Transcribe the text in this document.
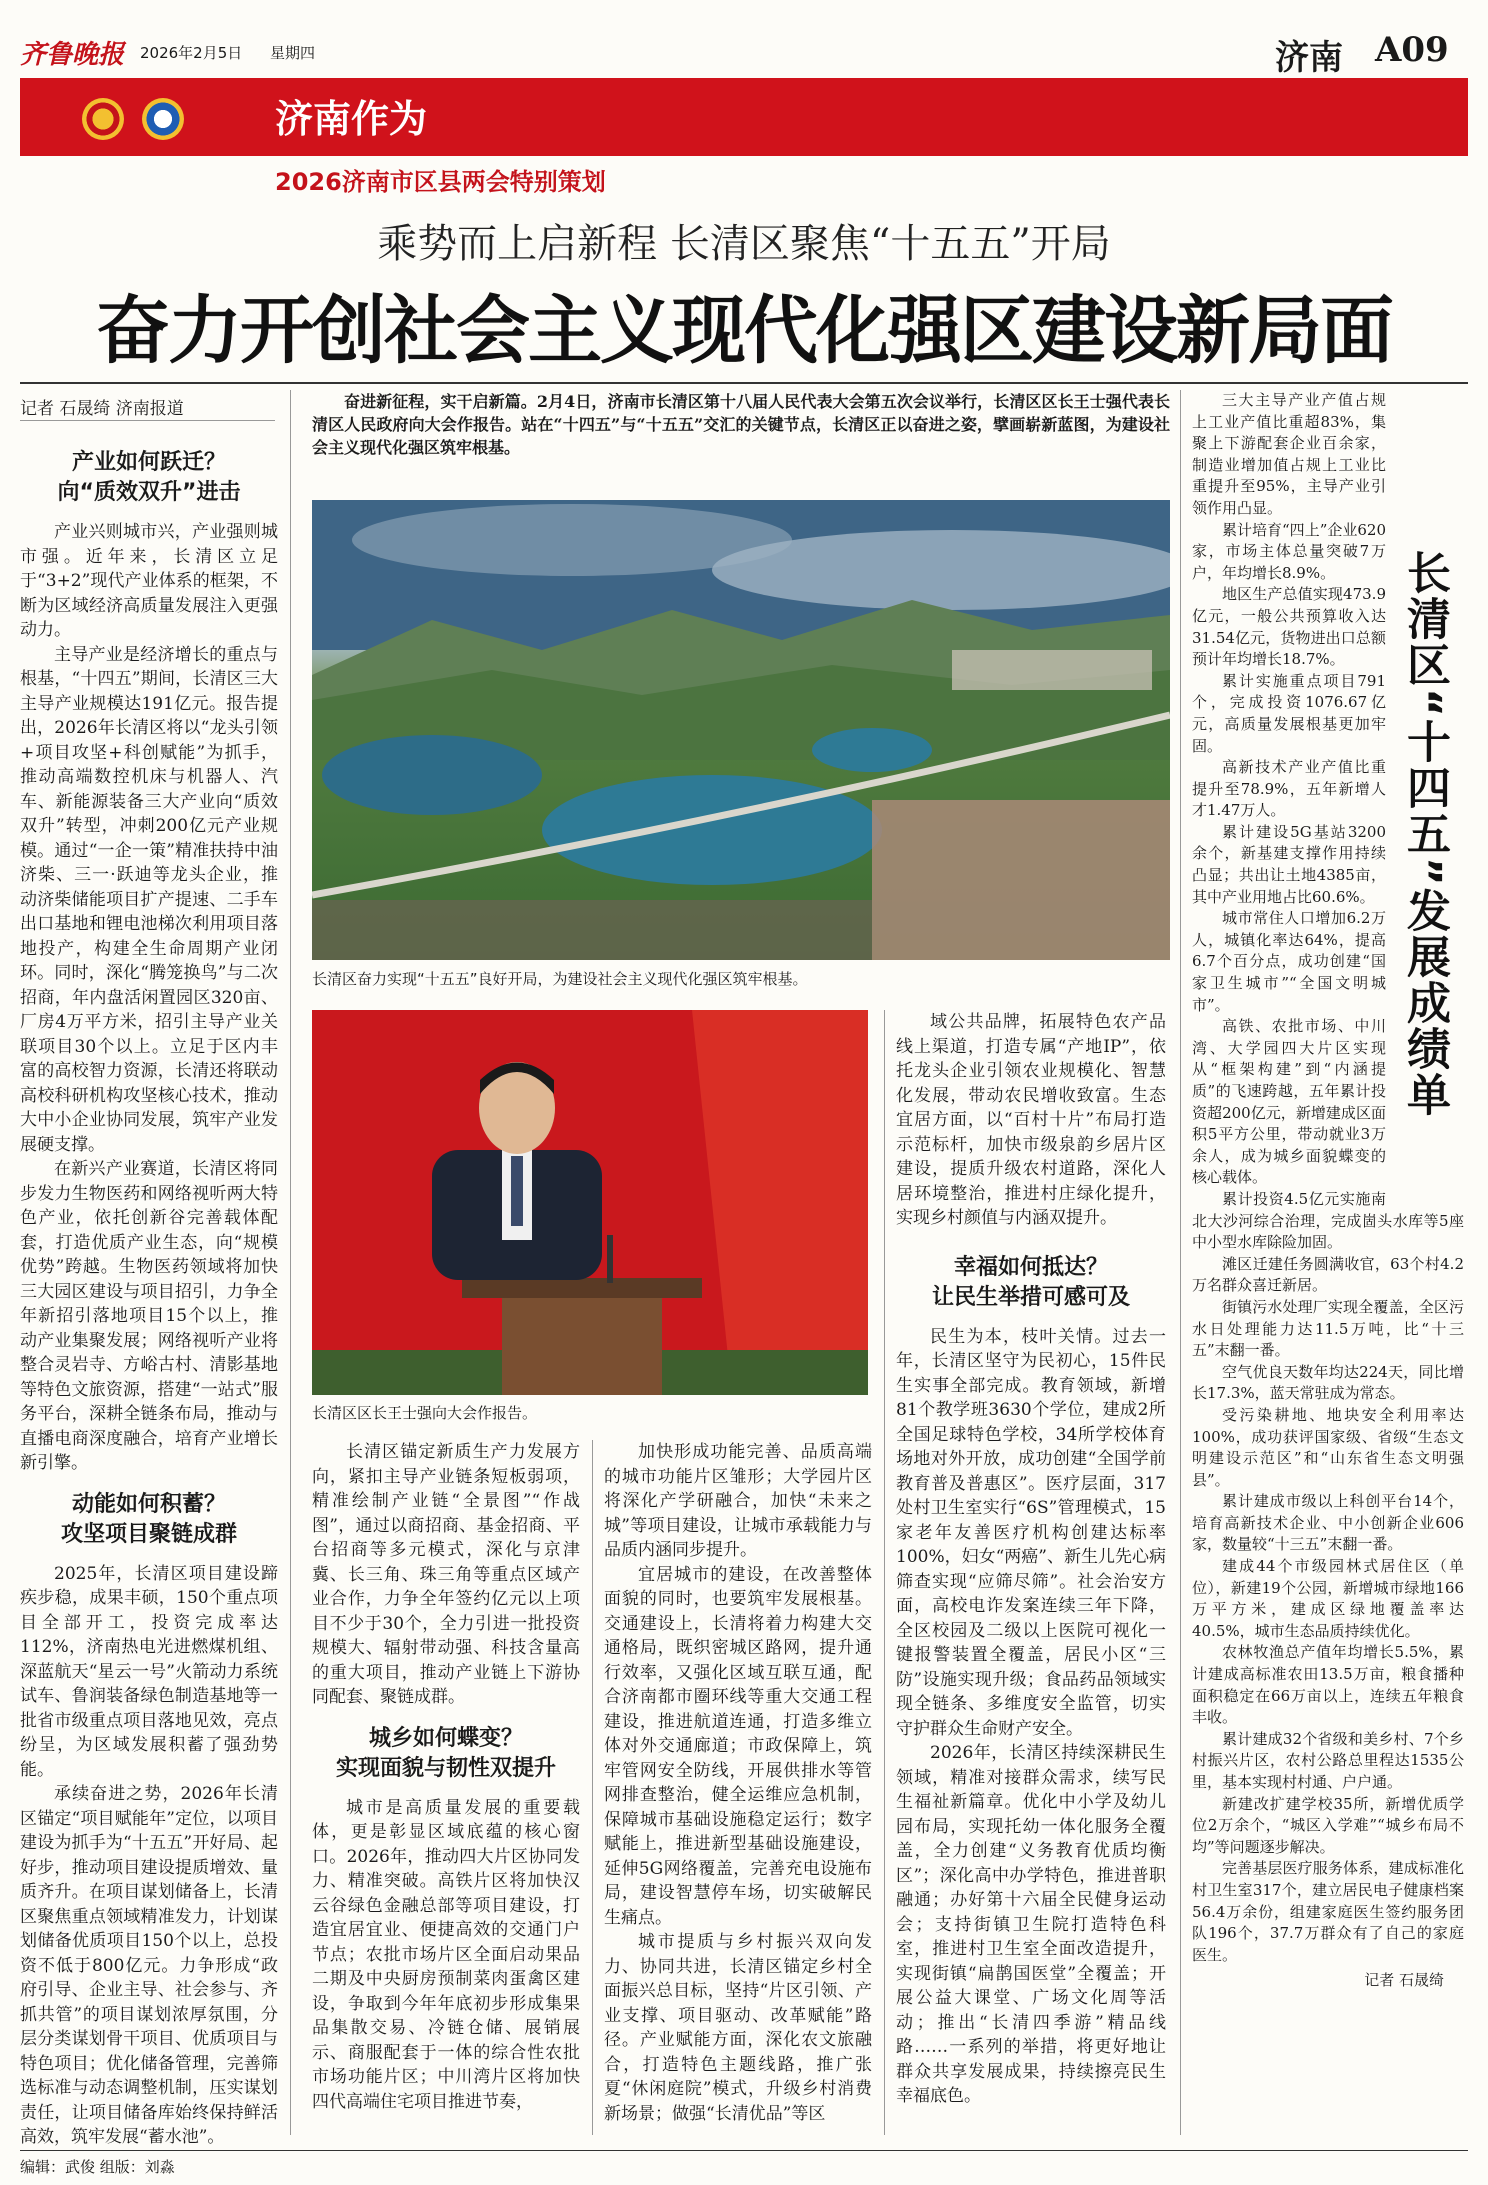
齐鲁晚报 2026年2月5日 星期四	济南 A09
济南作为
2026济南市区县两会特别策划
乘势而上启新程 长清区聚焦“十五五”开局
奋力开创社会主义现代化强区建设新局面
记者 石晟绮 济南报道
产业如何跃迁？
向“质效双升”进击

产业兴则城市兴，产业强则城市强。近年来，长清区立足于“3+2”现代产业体系的框架，不断为区域经济高质量发展注入更强动力。

主导产业是经济增长的重点与根基，“十四五”期间，长清区三大主导产业规模达191亿元。报告提出，2026年长清区将以“龙头引领+项目攻坚+科创赋能”为抓手，推动高端数控机床与机器人、汽车、新能源装备三大产业向“质效双升”转型，冲刺200亿元产业规模。通过“一企一策”精准扶持中油济柴、三一·跃迪等龙头企业，推动济柴储能项目扩产提速、二手车出口基地和锂电池梯次利用项目落地投产，构建全生命周期产业闭环。同时，深化“腾笼换鸟”与二次招商，年内盘活闲置园区320亩、厂房4万平方米，招引主导产业关联项目30个以上。立足于区内丰富的高校智力资源，长清还将联动高校科研机构攻坚核心技术，推动大中小企业协同发展，筑牢产业发展硬支撑。

在新兴产业赛道，长清区将同步发力生物医药和网络视听两大特色产业，依托创新谷完善载体配套，打造优质产业生态，向“规模优势”跨越。生物医药领域将加快三大园区建设与项目招引，力争全年新招引落地项目15个以上，推动产业集聚发展；网络视听产业将整合灵岩寺、方峪古村、清影基地等特色文旅资源，搭建“一站式”服务平台，深耕全链条布局，推动与直播电商深度融合，培育产业增长新引擎。

动能如何积蓄？
攻坚项目聚链成群

2025年，长清区项目建设蹄疾步稳，成果丰硕，150个重点项目全部开工，投资完成率达112%，济南热电光进燃煤机组、深蓝航天“星云一号”火箭动力系统试车、鲁润装备绿色制造基地等一批省市级重点项目落地见效，亮点纷呈，为区域发展积蓄了强劲势能。

承续奋进之势，2026年长清区锚定“项目赋能年”定位，以项目建设为抓手为“十五五”开好局、起好步，推动项目建设提质增效、量质齐升。在项目谋划储备上，长清区聚焦重点领域精准发力，计划谋划储备优质项目150个以上，总投资不低于800亿元。力争形成“政府引导、企业主导、社会参与、齐抓共管”的项目谋划浓厚氛围，分层分类谋划骨干项目、优质项目与特色项目；优化储备管理，完善筛选标准与动态调整机制，压实谋划责任，让项目储备库始终保持鲜活高效，筑牢发展“蓄水池”。

奋进新征程，实干启新篇。2月4日，济南市长清区第十八届人民代表大会第五次会议举行，长清区区长王士强代表长清区人民政府向大会作报告。站在“十四五”与“十五五”交汇的关键节点，长清区正以奋进之姿，擘画崭新蓝图，为建设社会主义现代化强区筑牢根基。

长清区奋力实现“十五五”良好开局，为建设社会主义现代化强区筑牢根基。
长清区区长王士强向大会作报告。

长清区锚定新质生产力发展方向，紧扣主导产业链条短板弱项，精准绘制产业链“全景图”“作战图”，通过以商招商、基金招商、平台招商等多元模式，深化与京津冀、长三角、珠三角等重点区域产业合作，力争全年签约亿元以上项目不少于30个，全力引进一批投资规模大、辐射带动强、科技含量高的重大项目，推动产业链上下游协同配套、聚链成群。

城乡如何蝶变？
实现面貌与韧性双提升

城市是高质量发展的重要载体，更是彰显区域底蕴的核心窗口。2026年，推动四大片区协同发力、精准突破。高铁片区将加快汉云谷绿色金融总部等项目建设，打造宜居宜业、便捷高效的交通门户节点；农批市场片区全面启动果品二期及中央厨房预制菜肉蛋禽区建设，争取到今年年底初步形成集果品集散交易、冷链仓储、展销展示、商服配套于一体的综合性农批市场功能片区；中川湾片区将加快四代高端住宅项目推进节奏，

加快形成功能完善、品质高端的城市功能片区雏形；大学园片区将深化产学研融合，加快“未来之城”等项目建设，让城市承载能力与品质内涵同步提升。

宜居城市的建设，在改善整体面貌的同时，也要筑牢发展根基。交通建设上，长清将着力构建大交通格局，既织密城区路网，提升通行效率，又强化区域互联互通，配合济南都市圈环线等重大交通工程建设，推进航道连通，打造多维立体对外交通廊道；市政保障上，筑牢管网安全防线，开展供排水等管网排查整治，健全运维应急机制，保障城市基础设施稳定运行；数字赋能上，推进新型基础设施建设，延伸5G网络覆盖，完善充电设施布局，建设智慧停车场，切实破解民生痛点。

城市提质与乡村振兴双向发力、协同共进，长清区锚定乡村全面振兴总目标，坚持“片区引领、产业支撑、项目驱动、改革赋能”路径。产业赋能方面，深化农文旅融合，打造特色主题线路，推广张夏“休闲庭院”模式，升级乡村消费新场景；做强“长清优品”等区

域公共品牌，拓展特色农产品线上渠道，打造专属“产地IP”，依托龙头企业引领农业规模化、智慧化发展，带动农民增收致富。生态宜居方面，以“百村十片”布局打造示范标杆，加快市级泉韵乡居片区建设，提质升级农村道路，深化人居环境整治，推进村庄绿化提升，实现乡村颜值与内涵双提升。

幸福如何抵达？
让民生举措可感可及

民生为本，枝叶关情。过去一年，长清区坚守为民初心，15件民生实事全部完成。教育领域，新增81个教学班3630个学位，建成2所全国足球特色学校，34所学校体育场地对外开放，成功创建“全国学前教育普及普惠区”。医疗层面，317处村卫生室实行“6S”管理模式，15家老年友善医疗机构创建达标率100%，妇女“两癌”、新生儿先心病筛查实现“应筛尽筛”。社会治安方面，高校电诈发案连续三年下降，全区校园及二级以上医院可视化一键报警装置全覆盖，居民小区“三防”设施实现升级；食品药品领域实现全链条、多维度安全监管，切实守护群众生命财产安全。

2026年，长清区持续深耕民生领域，精准对接群众需求，续写民生福祉新篇章。优化中小学及幼儿园布局，实现托幼一体化服务全覆盖，全力创建“义务教育优质均衡区”；深化高中办学特色，推进普职融通；办好第十六届全民健身运动会；支持街镇卫生院打造特色科室，推进村卫生室全面改造提升，实现街镇“扁鹊国医堂”全覆盖；开展公益大课堂、广场文化周等活动；推出“长清四季游”精品线路……一系列的举措，将更好地让群众共享发展成果，持续擦亮民生幸福底色。

长清区“十四五”发展成绩单

三大主导产业产值占规上工业产值比重超83%，集聚上下游配套企业百余家，制造业增加值占规上工业比重提升至95%，主导产业引领作用凸显。

累计培育“四上”企业620家，市场主体总量突破7万户，年均增长8.9%。

地区生产总值实现473.9亿元，一般公共预算收入达31.54亿元，货物进出口总额预计年均增长18.7%。

累计实施重点项目791个，完成投资1076.67亿元，高质量发展根基更加牢固。

高新技术产业产值比重提升至78.9%，五年新增人才1.47万人。

累计建设5G基站3200余个，新基建支撑作用持续凸显；共出让土地4385亩，其中产业用地占比60.6%。

城市常住人口增加6.2万人，城镇化率达64%，提高6.7个百分点，成功创建“国家卫生城市”“全国文明城市”。

高铁、农批市场、中川湾、大学园四大片区实现从“框架构建”到“内涵提质”的飞速跨越，五年累计投资超200亿元，新增建成区面积5平方公里，带动就业3万余人，成为城乡面貌蝶变的核心载体。

累计投资4.5亿元实施南北大沙河综合治理，完成崮头水库等5座中小型水库除险加固。

滩区迁建任务圆满收官，63个村4.2万名群众喜迁新居。

街镇污水处理厂实现全覆盖，全区污水日处理能力达11.5万吨，比“十三五”末翻一番。

空气优良天数年均达224天，同比增长17.3%，蓝天常驻成为常态。

受污染耕地、地块安全利用率达100%，成功获评国家级、省级“生态文明建设示范区”和“山东省生态文明强县”。

累计建成市级以上科创平台14个，培育高新技术企业、中小创新企业606家，数量较“十三五”末翻一番。

建成44个市级园林式居住区（单位），新建19个公园，新增城市绿地166万平方米，建成区绿地覆盖率达40.5%，城市生态品质持续优化。

农林牧渔总产值年均增长5.5%，累计建成高标准农田13.5万亩，粮食播种面积稳定在66万亩以上，连续五年粮食丰收。

累计建成32个省级和美乡村、7个乡村振兴片区，农村公路总里程达1535公里，基本实现村村通、户户通。

新建改扩建学校35所，新增优质学位2万余个，“城区入学难”“城乡布局不均”等问题逐步解决。

完善基层医疗服务体系，建成标准化村卫生室317个，建立居民电子健康档案56.4万余份，组建家庭医生签约服务团队196个，37.7万群众有了自己的家庭医生。

记者 石晟绮
编辑：武俊 组版：刘淼
